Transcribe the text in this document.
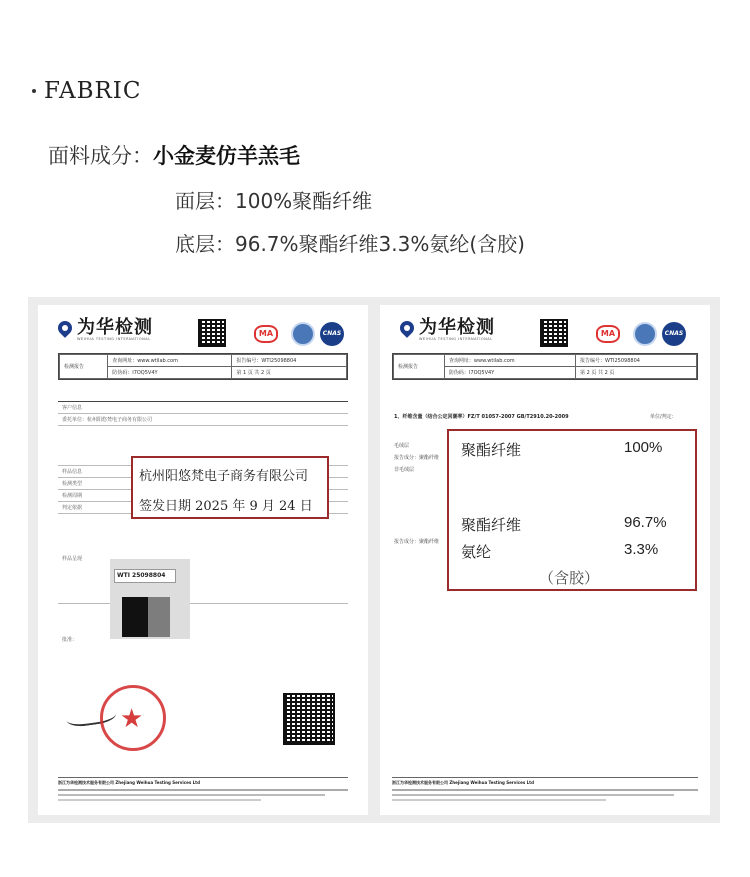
FABRIC
面料成分：小金麦仿羊羔毛
面层：100%聚酯纤维
底层：96.7%聚酯纤维3.3%氨纶(含胶)
为华检测
WEIHUA TESTING INTERNATIONAL
MA	CNAS
检测报告	查询网址：www.wtilab.com	报告编号：WTI25098804
	防伪码：I7OQ5V4Y	第 1 页 共 2 页
客户信息
委托单位：杭州阳悠梵电子商务有限公司
样品信息
检测类型
检测周期
判定依据
样品呈现
批准：
WTI 25098804
★
浙江为华检测技术服务有限公司 Zhejiang Weihua Testing Services Ltd
杭州阳悠梵电子商务有限公司
签发日期 2025 年 9 月 24 日
为华检测
WEIHUA TESTING INTERNATIONAL
MA	CNAS
检测报告	查询网址：www.wtilab.com	报告编号：WTI25098804
	防伪码：I7OQ5V4Y	第 2 页 共 2 页
1、纤维含量（结合公定回潮率）FZ/T 01057-2007 GB/T2910.20-2009	单位/判定：
毛绒层
报告成分：聚酯纤维
非毛绒层
报告成分：聚酯纤维
浙江为华检测技术服务有限公司 Zhejiang Weihua Testing Services Ltd
聚酯纤维	100%
聚酯纤维	96.7%
氨纶	3.3%
（含胶）
